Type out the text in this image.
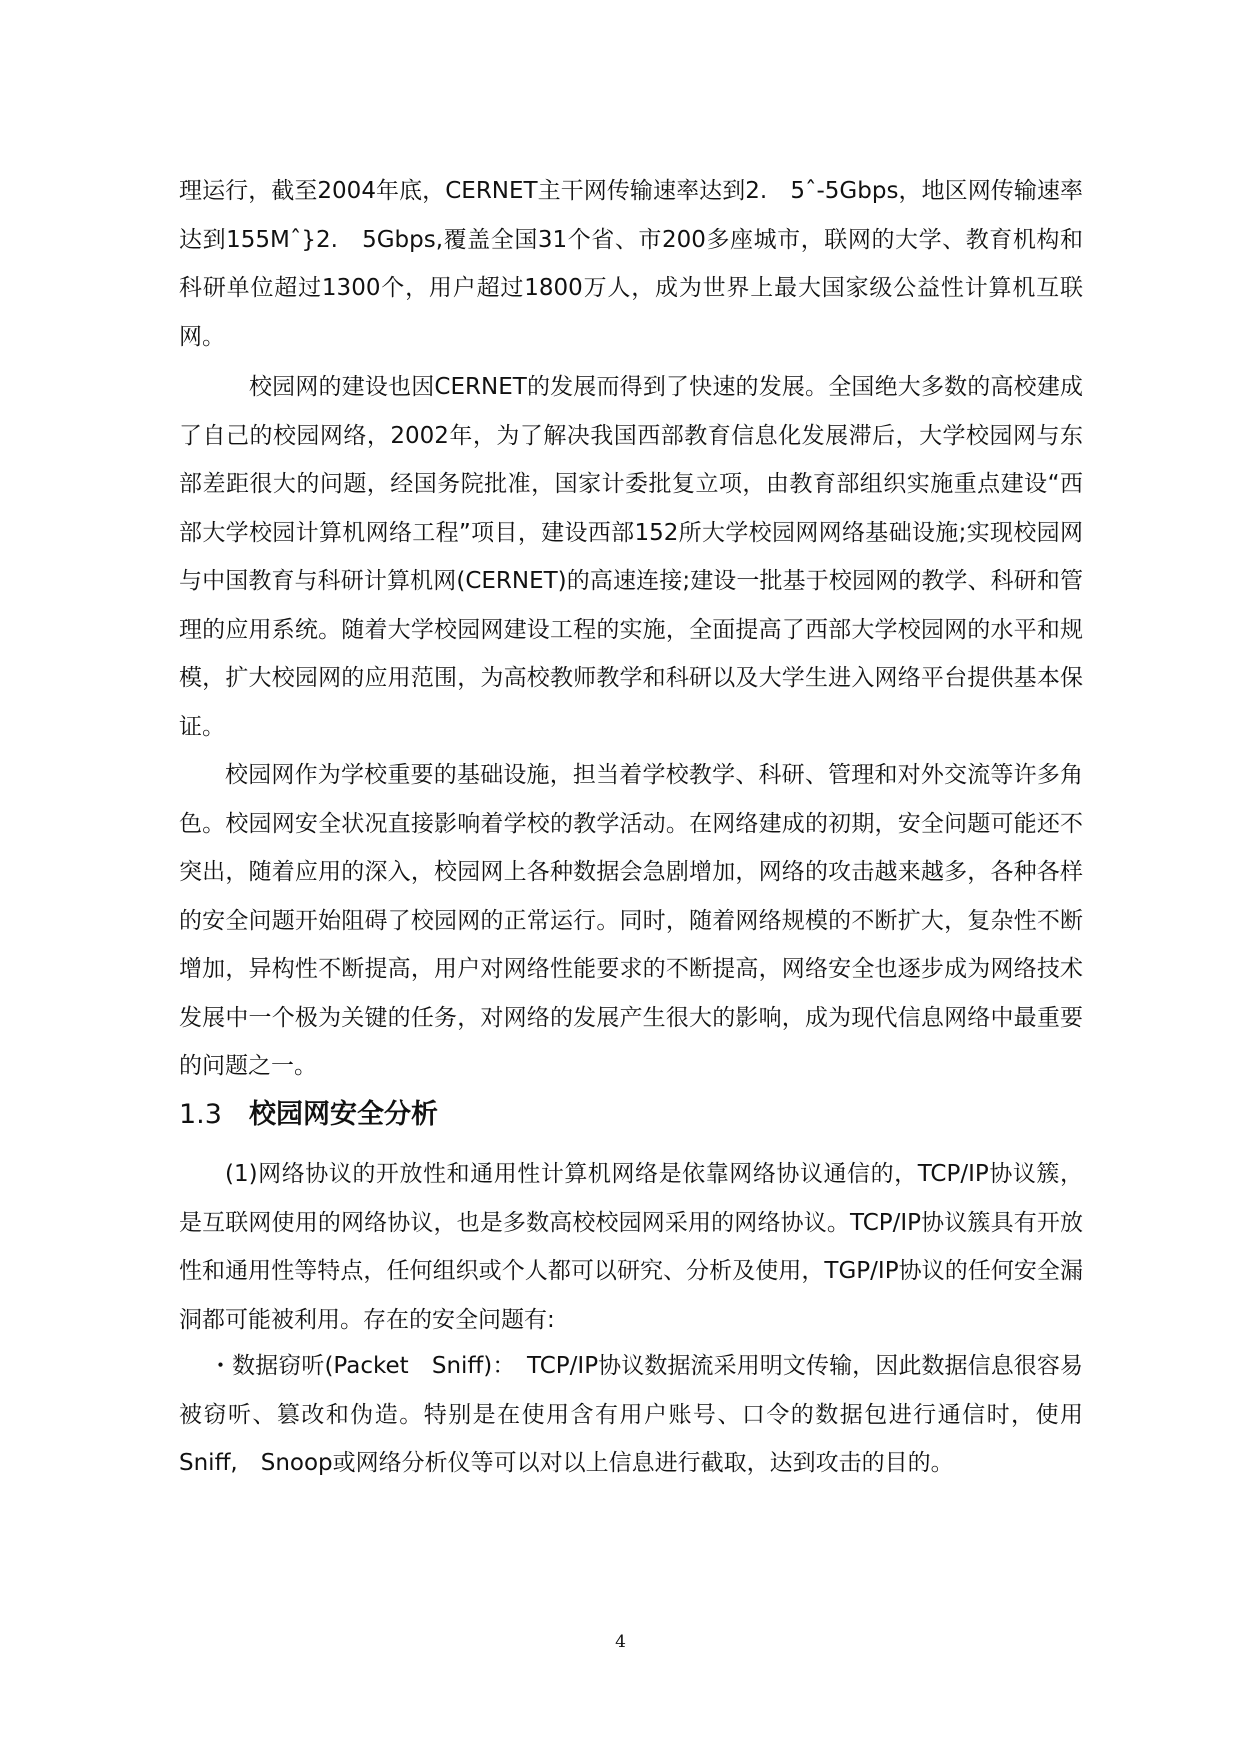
理运行，截至2004年底，CERNET主干网传输速率达到2.　5ˆ-5Gbps，地区网传输速率达到155Mˆ}2.　5Gbps,覆盖全国31个省、市200多座城市，联网的大学、教育机构和科研单位超过1300个，用户超过1800万人，成为世界上最大国家级公益性计算机互联网。

校园网的建设也因CERNET的发展而得到了快速的发展。全国绝大多数的高校建成了自己的校园网络，2002年，为了解决我国西部教育信息化发展滞后，大学校园网与东部差距很大的问题，经国务院批准，国家计委批复立项，由教育部组织实施重点建设“西部大学校园计算机网络工程”项目，建设西部152所大学校园网网络基础设施;实现校园网与中国教育与科研计算机网(CERNET)的高速连接;建设一批基于校园网的教学、科研和管理的应用系统。随着大学校园网建设工程的实施，全面提高了西部大学校园网的水平和规模，扩大校园网的应用范围，为高校教师教学和科研以及大学生进入网络平台提供基本保证。

校园网作为学校重要的基础设施，担当着学校教学、科研、管理和对外交流等许多角色。校园网安全状况直接影响着学校的教学活动。在网络建成的初期，安全问题可能还不突出，随着应用的深入，校园网上各种数据会急剧增加，网络的攻击越来越多，各种各样的安全问题开始阻碍了校园网的正常运行。同时，随着网络规模的不断扩大，复杂性不断增加，异构性不断提高，用户对网络性能要求的不断提高，网络安全也逐步成为网络技术发展中一个极为关键的任务，对网络的发展产生很大的影响，成为现代信息网络中最重要的问题之一。

1.3 校园网安全分析

(1)网络协议的开放性和通用性计算机网络是依靠网络协议通信的，TCP/IP协议簇，是互联网使用的网络协议，也是多数高校校园网采用的网络协议。TCP/IP协议簇具有开放性和通用性等特点，任何组织或个人都可以研究、分析及使用，TGP/IP协议的任何安全漏洞都可能被利用。存在的安全问题有:

・数据窃听(Packet　Sniff)：　TCP/IP协议数据流采用明文传输，因此数据信息很容易被窃听、篡改和伪造。特别是在使用含有用户账号、口令的数据包进行通信时，使用Sniff,　Snoop或网络分析仪等可以对以上信息进行截取，达到攻击的目的。

4
